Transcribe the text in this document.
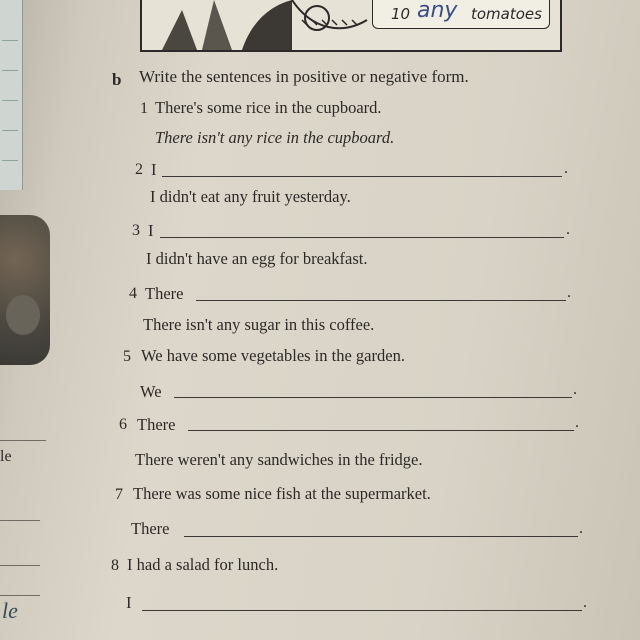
le
le
10 any tomatoes
b Write the sentences in positive or negative form.
1 There's some rice in the cupboard.
There isn't any rice in the cupboard.
2 I	.
I didn't eat any fruit yesterday.
3 I	.
I didn't have an egg for breakfast.
4 There	.
There isn't any sugar in this coffee.
5 We have some vegetables in the garden.
We	.
6 There	.
There weren't any sandwiches in the fridge.
7 There was some nice fish at the supermarket.
There	.
8 I had a salad for lunch.
I	.
